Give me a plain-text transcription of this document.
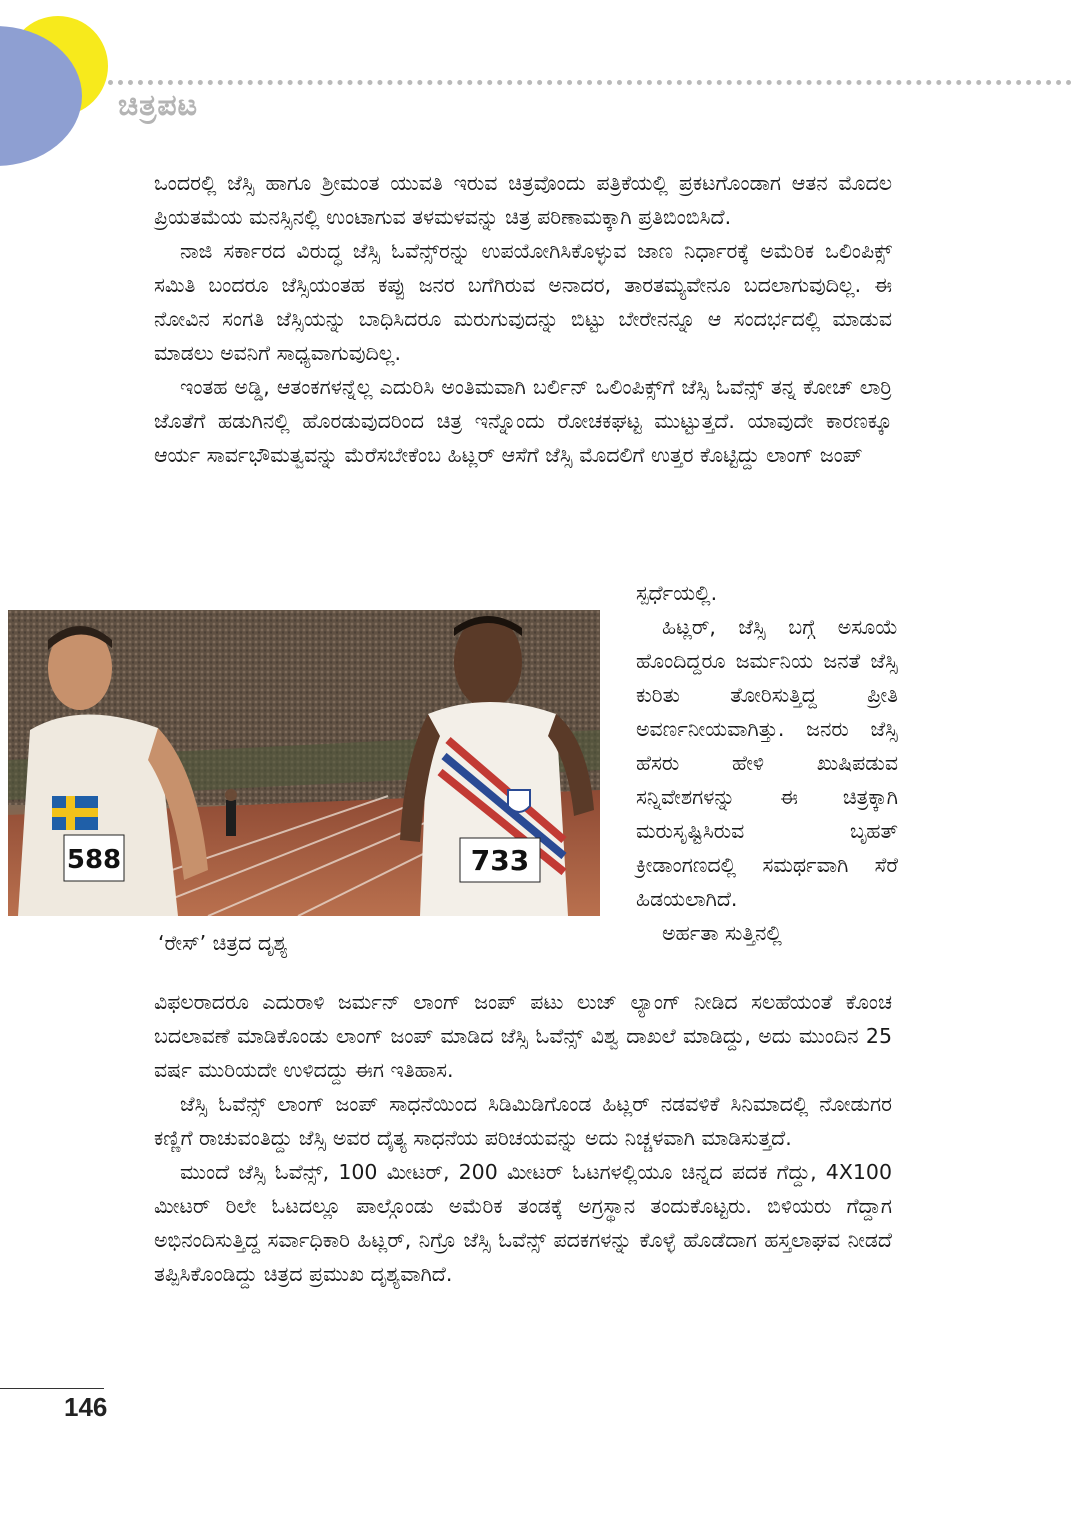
ಚಿತ್ರಪಟ
ಒಂದರಲ್ಲಿ ಜೆಸ್ಸಿ ಹಾಗೂ ಶ್ರೀಮಂತ ಯುವತಿ ಇರುವ ಚಿತ್ರವೊಂದು ಪತ್ರಿಕೆಯಲ್ಲಿ ಪ್ರಕಟಗೊಂಡಾಗ ಆತನ ಮೊದಲ ಪ್ರಿಯತಮೆಯ ಮನಸ್ಸಿನಲ್ಲಿ ಉಂಟಾಗುವ ತಳಮಳವನ್ನು ಚಿತ್ರ ಪರಿಣಾಮಕ್ಕಾಗಿ ಪ್ರತಿಬಿಂಬಿಸಿದೆ.
ನಾಜಿ ಸರ್ಕಾರದ ವಿರುದ್ಧ ಜೆಸ್ಸಿ ಓವೆನ್ಸ್‌ರನ್ನು ಉಪಯೋಗಿಸಿಕೊಳ್ಳುವ ಜಾಣ ನಿರ್ಧಾರಕ್ಕೆ ಅಮೆರಿಕ ಒಲಿಂಪಿಕ್ಸ್ ಸಮಿತಿ ಬಂದರೂ ಜೆಸ್ಸಿಯಂತಹ ಕಪ್ಪು ಜನರ ಬಗೆಗಿರುವ ಅನಾದರ, ತಾರತಮ್ಯವೇನೂ ಬದಲಾಗುವುದಿಲ್ಲ. ಈ ನೋವಿನ ಸಂಗತಿ ಜೆಸ್ಸಿಯನ್ನು ಬಾಧಿಸಿದರೂ ಮರುಗುವುದನ್ನು ಬಿಟ್ಟು ಬೇರೇನನ್ನೂ ಆ ಸಂದರ್ಭದಲ್ಲಿ ಮಾಡುವ ಮಾಡಲು ಅವನಿಗೆ ಸಾಧ್ಯವಾಗುವುದಿಲ್ಲ.
ಇಂತಹ ಅಡ್ಡಿ, ಆತಂಕಗಳನ್ನೆಲ್ಲ ಎದುರಿಸಿ ಅಂತಿಮವಾಗಿ ಬರ್ಲಿನ್ ಒಲಿಂಪಿಕ್ಸ್‌ಗೆ ಜೆಸ್ಸಿ ಓವೆನ್ಸ್ ತನ್ನ ಕೋಚ್ ಲಾರ್ರಿ ಜೊತೆಗೆ ಹಡುಗಿನಲ್ಲಿ ಹೊರಡುವುದರಿಂದ ಚಿತ್ರ ಇನ್ನೊಂದು ರೋಚಕಘಟ್ಟ ಮುಟ್ಟುತ್ತದೆ. ಯಾವುದೇ ಕಾರಣಕ್ಕೂ ಆರ್ಯ ಸಾರ್ವಭೌಮತ್ವವನ್ನು ಮೆರೆಸಬೇಕೆಂಬ ಹಿಟ್ಲರ್ ಆಸೆಗೆ ಜೆಸ್ಸಿ ಮೊದಲಿಗೆ ಉತ್ತರ ಕೊಟ್ಟಿದ್ದು ಲಾಂಗ್ ಜಂಪ್
ಸ್ಪರ್ಧೆಯಲ್ಲಿ.
ಹಿಟ್ಲರ್, ಜೆಸ್ಸಿ ಬಗ್ಗೆ ಅಸೂಯೆ ಹೊಂದಿದ್ದರೂ ಜರ್ಮನಿಯ ಜನತೆ ಜೆಸ್ಸಿ ಕುರಿತು ತೋರಿಸುತ್ತಿದ್ದ ಪ್ರೀತಿ ಅವರ್ಣನೀಯವಾಗಿತ್ತು. ಜನರು ಜೆಸ್ಸಿ ಹೆಸರು ಹೇಳಿ ಖುಷಿಪಡುವ ಸನ್ನಿವೇಶಗಳನ್ನು ಈ ಚಿತ್ರಕ್ಕಾಗಿ ಮರುಸೃಷ್ಟಿಸಿರುವ ಬೃಹತ್ ಕ್ರೀಡಾಂಗಣದಲ್ಲಿ ಸಮರ್ಥವಾಗಿ ಸೆರೆ ಹಿಡಯಲಾಗಿದೆ.
ಅರ್ಹತಾ ಸುತ್ತಿನಲ್ಲಿ
588	733
‘ರೇಸ್’ ಚಿತ್ರದ ದೃಶ್ಯ
ವಿಫಲರಾದರೂ ಎದುರಾಳಿ ಜರ್ಮನ್ ಲಾಂಗ್ ಜಂಪ್ ಪಟು ಲುಜ್ ಲ್ಯಾಂಗ್ ನೀಡಿದ ಸಲಹೆಯಂತೆ ಕೊಂಚ ಬದಲಾವಣೆ ಮಾಡಿಕೊಂಡು ಲಾಂಗ್ ಜಂಪ್ ಮಾಡಿದ ಜೆಸ್ಸಿ ಓವೆನ್ಸ್ ವಿಶ್ವ ದಾಖಲೆ ಮಾಡಿದ್ದು, ಅದು ಮುಂದಿನ 25 ವರ್ಷ ಮುರಿಯದೇ ಉಳಿದದ್ದು ಈಗ ಇತಿಹಾಸ.
ಜೆಸ್ಸಿ ಓವೆನ್ಸ್ ಲಾಂಗ್ ಜಂಪ್ ಸಾಧನೆಯಿಂದ ಸಿಡಿಮಿಡಿಗೊಂಡ ಹಿಟ್ಲರ್ ನಡವಳಿಕೆ ಸಿನಿಮಾದಲ್ಲಿ ನೋಡುಗರ ಕಣ್ಣಿಗೆ ರಾಚುವಂತಿದ್ದು ಜೆಸ್ಸಿ ಅವರ ದೈತ್ಯ ಸಾಧನೆಯ ಪರಿಚಯವನ್ನು ಅದು ನಿಚ್ಚಳವಾಗಿ ಮಾಡಿಸುತ್ತದೆ.
ಮುಂದೆ ಜೆಸ್ಸಿ ಓವೆನ್ಸ್, 100 ಮೀಟರ್, 200 ಮೀಟರ್ ಓಟಗಳಲ್ಲಿಯೂ ಚಿನ್ನದ ಪದಕ ಗೆದ್ದು, 4X100 ಮೀಟರ್ ರಿಲೇ ಓಟದಲ್ಲೂ ಪಾಲ್ಗೊಂಡು ಅಮೆರಿಕ ತಂಡಕ್ಕೆ ಅಗ್ರಸ್ಥಾನ ತಂದುಕೊಟ್ಟರು. ಬಿಳಿಯರು ಗೆದ್ದಾಗ ಅಭಿನಂದಿಸುತ್ತಿದ್ದ ಸರ್ವಾಧಿಕಾರಿ ಹಿಟ್ಲರ್, ನಿಗ್ರೊ ಜೆಸ್ಸಿ ಓವೆನ್ಸ್ ಪದಕಗಳನ್ನು ಕೊಳ್ಳೆ ಹೊಡೆದಾಗ ಹಸ್ತಲಾಘವ ನೀಡದೆ ತಪ್ಪಿಸಿಕೊಂಡಿದ್ದು ಚಿತ್ರದ ಪ್ರಮುಖ ದೃಶ್ಯವಾಗಿದೆ.
146
